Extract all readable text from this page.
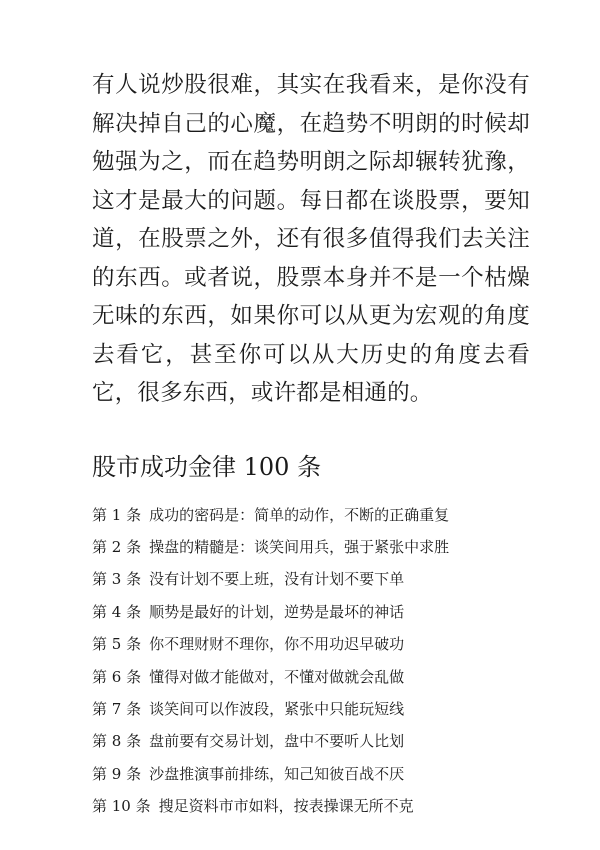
有人说炒股很难，其实在我看来，是你没有解决掉自己的心魔，在趋势不明朗的时候却勉强为之，而在趋势明朗之际却辗转犹豫，这才是最大的问题。每日都在谈股票，要知道，在股票之外，还有很多值得我们去关注的东西。或者说，股票本身并不是一个枯燥无味的东西，如果你可以从更为宏观的角度去看它，甚至你可以从大历史的角度去看它，很多东西，或许都是相通的。

股市成功金律 100 条
第 1 条 成功的密码是：简单的动作，不断的正确重复
第 2 条 操盘的精髓是：谈笑间用兵，强于紧张中求胜
第 3 条 没有计划不要上班，没有计划不要下单
第 4 条 顺势是最好的计划，逆势是最坏的神话
第 5 条 你不理财财不理你，你不用功迟早破功
第 6 条 懂得对做才能做对，不懂对做就会乱做
第 7 条 谈笑间可以作波段，紧张中只能玩短线
第 8 条 盘前要有交易计划，盘中不要听人比划
第 9 条 沙盘推演事前排练，知己知彼百战不厌
第 10 条 搜足资料市市如料，按表操课无所不克
